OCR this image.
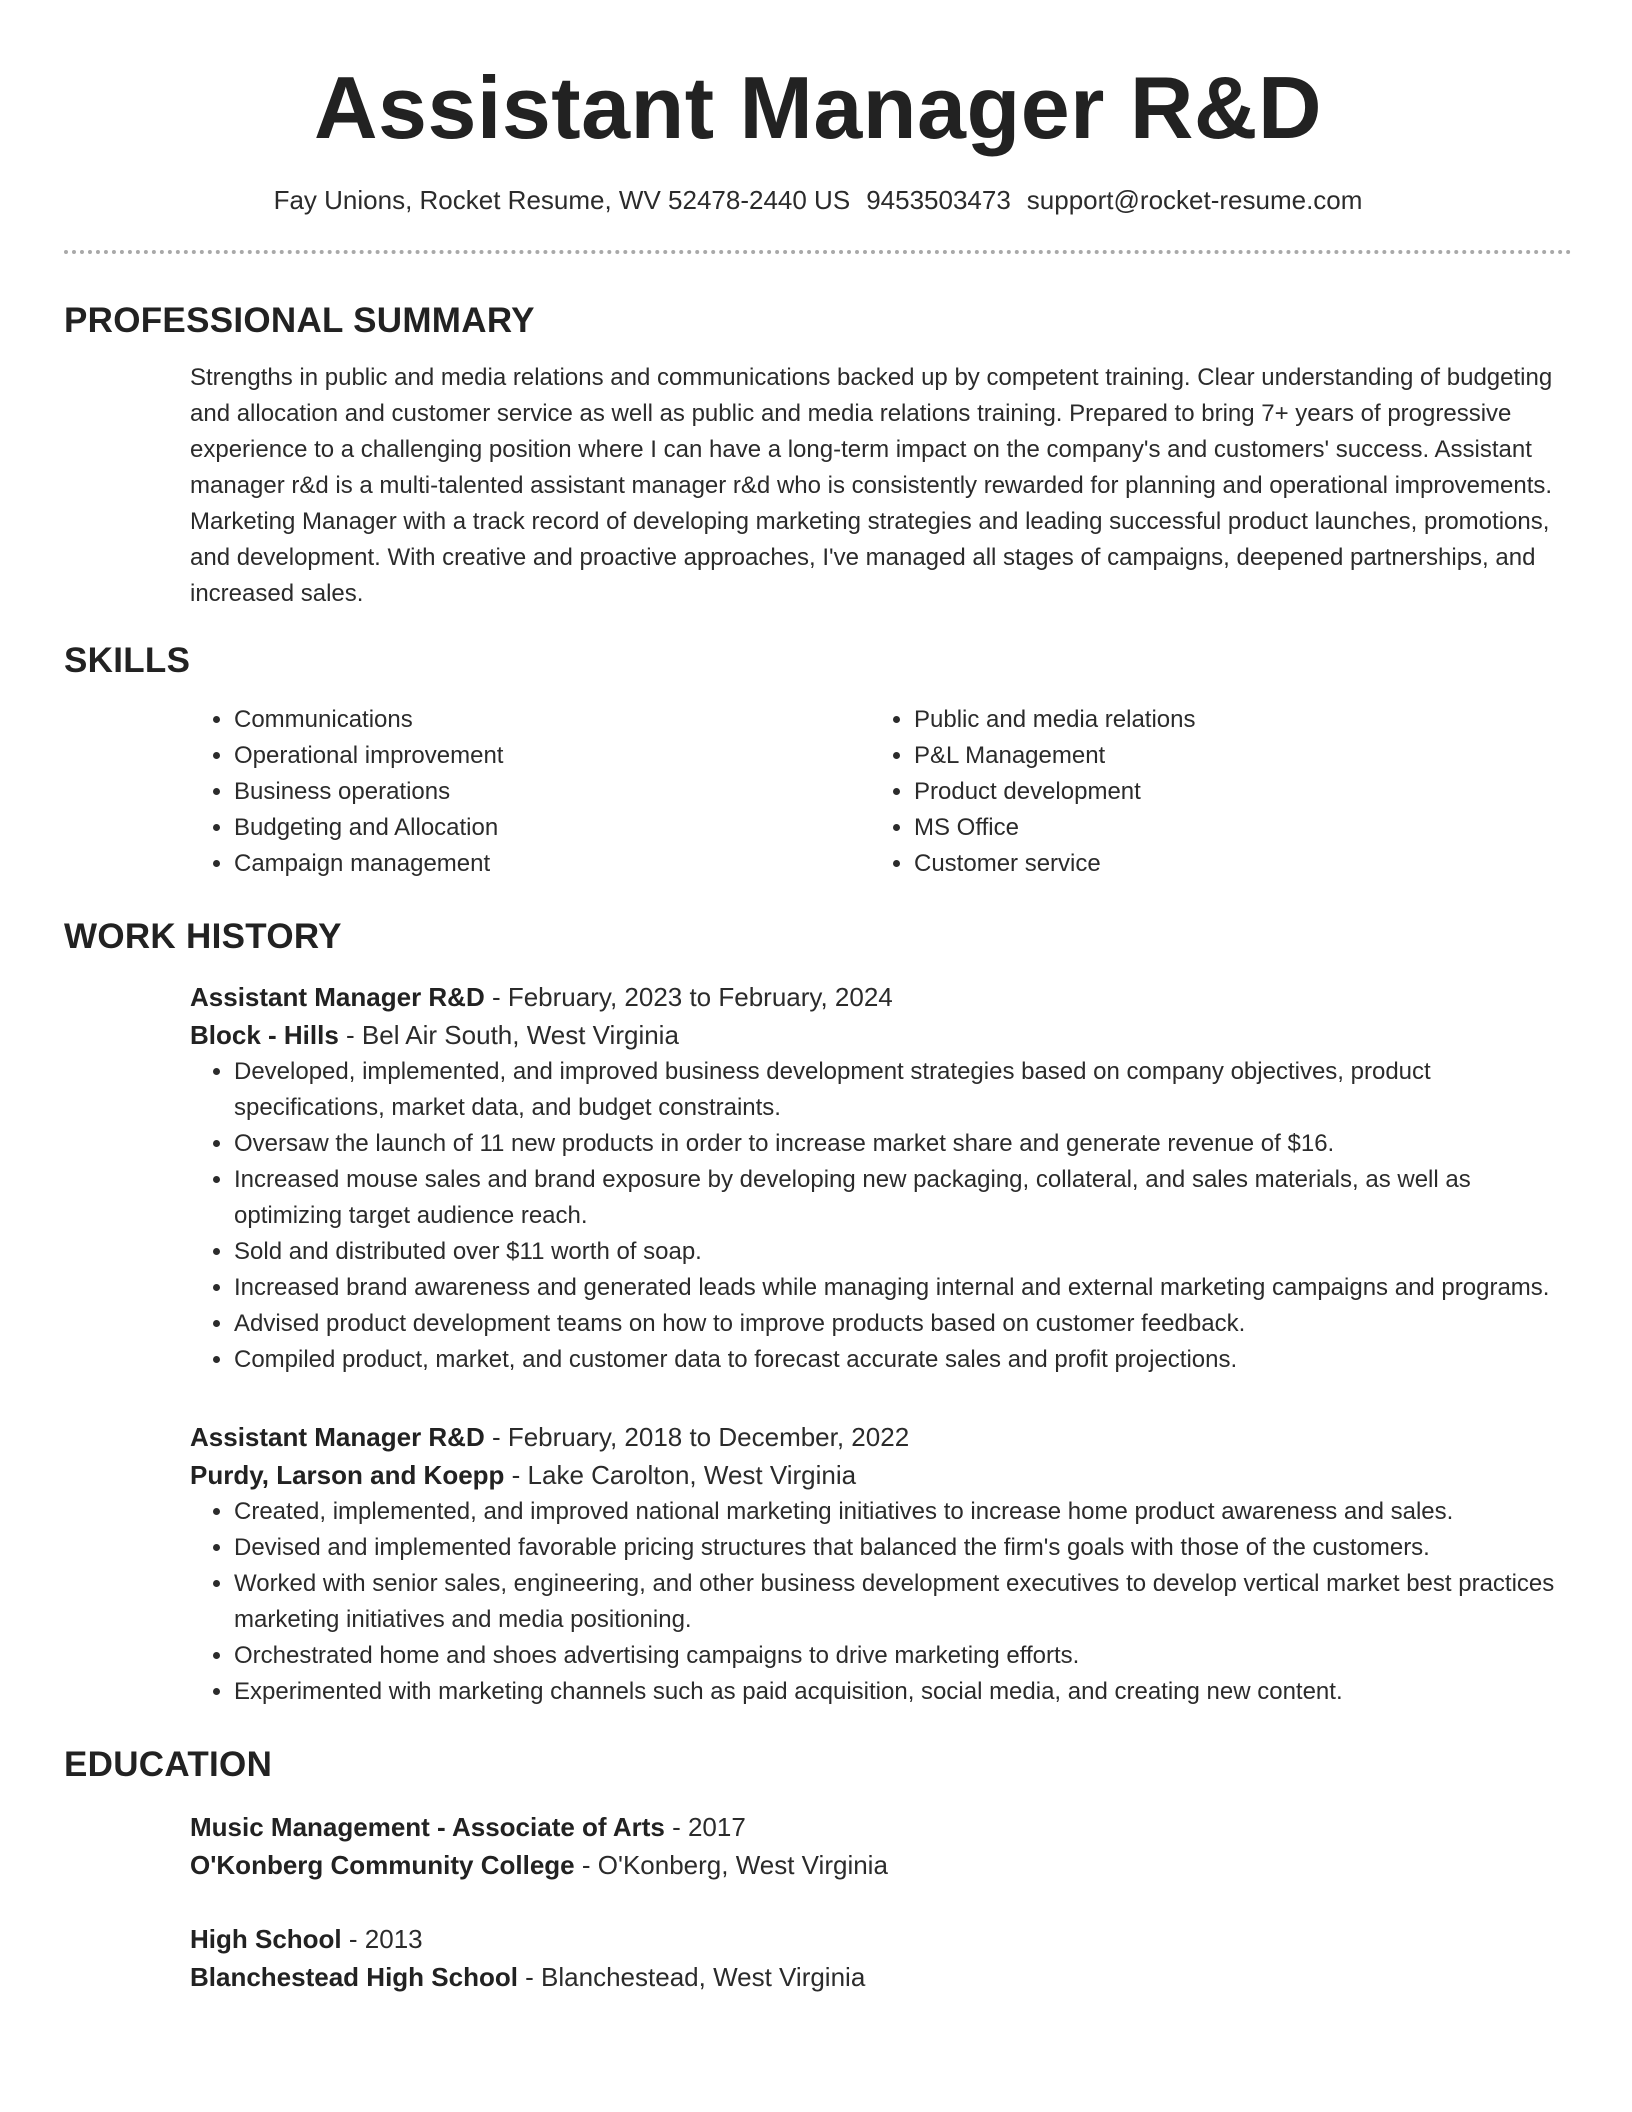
Assistant Manager R&D
Fay Unions, Rocket Resume, WV 52478-2440 US 9453503473 support@rocket-resume.com
PROFESSIONAL SUMMARY

Strengths in public and media relations and communications backed up by competent training. Clear understanding of budgeting and allocation and customer service as well as public and media relations training. Prepared to bring 7+ years of progressive experience to a challenging position where I can have a long-term impact on the company's and customers' success. Assistant manager r&d is a multi-talented assistant manager r&d who is consistently rewarded for planning and operational improvements. Marketing Manager with a track record of developing marketing strategies and leading successful product launches, promotions, and development. With creative and proactive approaches, I've managed all stages of campaigns, deepened partnerships, and increased sales.

SKILLS
• Communications
• Operational improvement
• Business operations
• Budgeting and Allocation
• Campaign management
• Public and media relations
• P&L Management
• Product development
• MS Office
• Customer service
WORK HISTORY
Assistant Manager R&D - February, 2023 to February, 2024
Block - Hills - Bel Air South, West Virginia
• Developed, implemented, and improved business development strategies based on company objectives, product specifications, market data, and budget constraints.
• Oversaw the launch of 11 new products in order to increase market share and generate revenue of $16.
• Increased mouse sales and brand exposure by developing new packaging, collateral, and sales materials, as well as optimizing target audience reach.
• Sold and distributed over $11 worth of soap.
• Increased brand awareness and generated leads while managing internal and external marketing campaigns and programs.
• Advised product development teams on how to improve products based on customer feedback.
• Compiled product, market, and customer data to forecast accurate sales and profit projections.
Assistant Manager R&D - February, 2018 to December, 2022
Purdy, Larson and Koepp - Lake Carolton, West Virginia
• Created, implemented, and improved national marketing initiatives to increase home product awareness and sales.
• Devised and implemented favorable pricing structures that balanced the firm's goals with those of the customers.
• Worked with senior sales, engineering, and other business development executives to develop vertical market best practices marketing initiatives and media positioning.
• Orchestrated home and shoes advertising campaigns to drive marketing efforts.
• Experimented with marketing channels such as paid acquisition, social media, and creating new content.
EDUCATION
Music Management - Associate of Arts - 2017
O'Konberg Community College - O'Konberg, West Virginia
High School - 2013
Blanchestead High School - Blanchestead, West Virginia
